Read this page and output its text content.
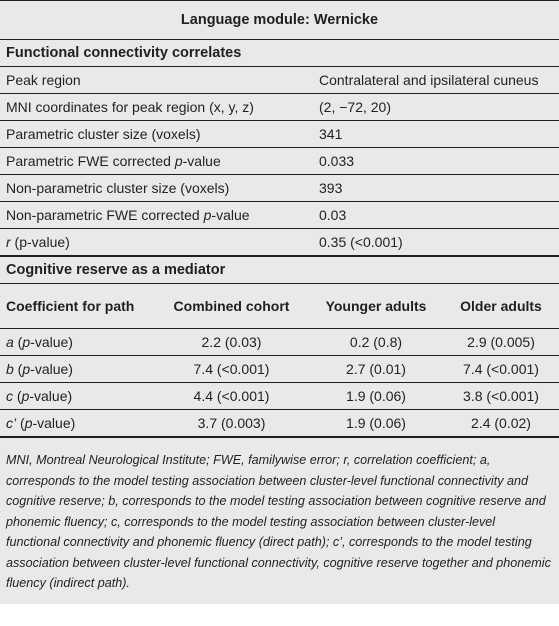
Language module: Wernicke
Functional connectivity correlates
Peak region	Contralateral and ipsilateral cuneus
MNI coordinates for peak region (x, y, z)	(2, −72, 20)
Parametric cluster size (voxels)	341
Parametric FWE corrected p-value	0.033
Non-parametric cluster size (voxels)	393
Non-parametric FWE corrected p-value	0.03
r (p-value)	0.35 (<0.001)
Cognitive reserve as a mediator
Coefficient for path	Combined cohort	Younger adults	Older adults
a (p-value)	2.2 (0.03)	0.2 (0.8)	2.9 (0.005)
b (p-value)	7.4 (<0.001)	2.7 (0.01)	7.4 (<0.001)
c (p-value)	4.4 (<0.001)	1.9 (0.06)	3.8 (<0.001)
c’ (p-value)	3.7 (0.003)	1.9 (0.06)	2.4 (0.02)
MNI, Montreal Neurological Institute; FWE, familywise error; r, correlation coefficient; a, corresponds to the model testing association between cluster-level functional connectivity and cognitive reserve; b, corresponds to the model testing association between cognitive reserve and phonemic fluency; c, corresponds to the model testing association between cluster-level functional connectivity and phonemic fluency (direct path); c’, corresponds to the model testing association between cluster-level functional connectivity, cognitive reserve together and phonemic fluency (indirect path).
